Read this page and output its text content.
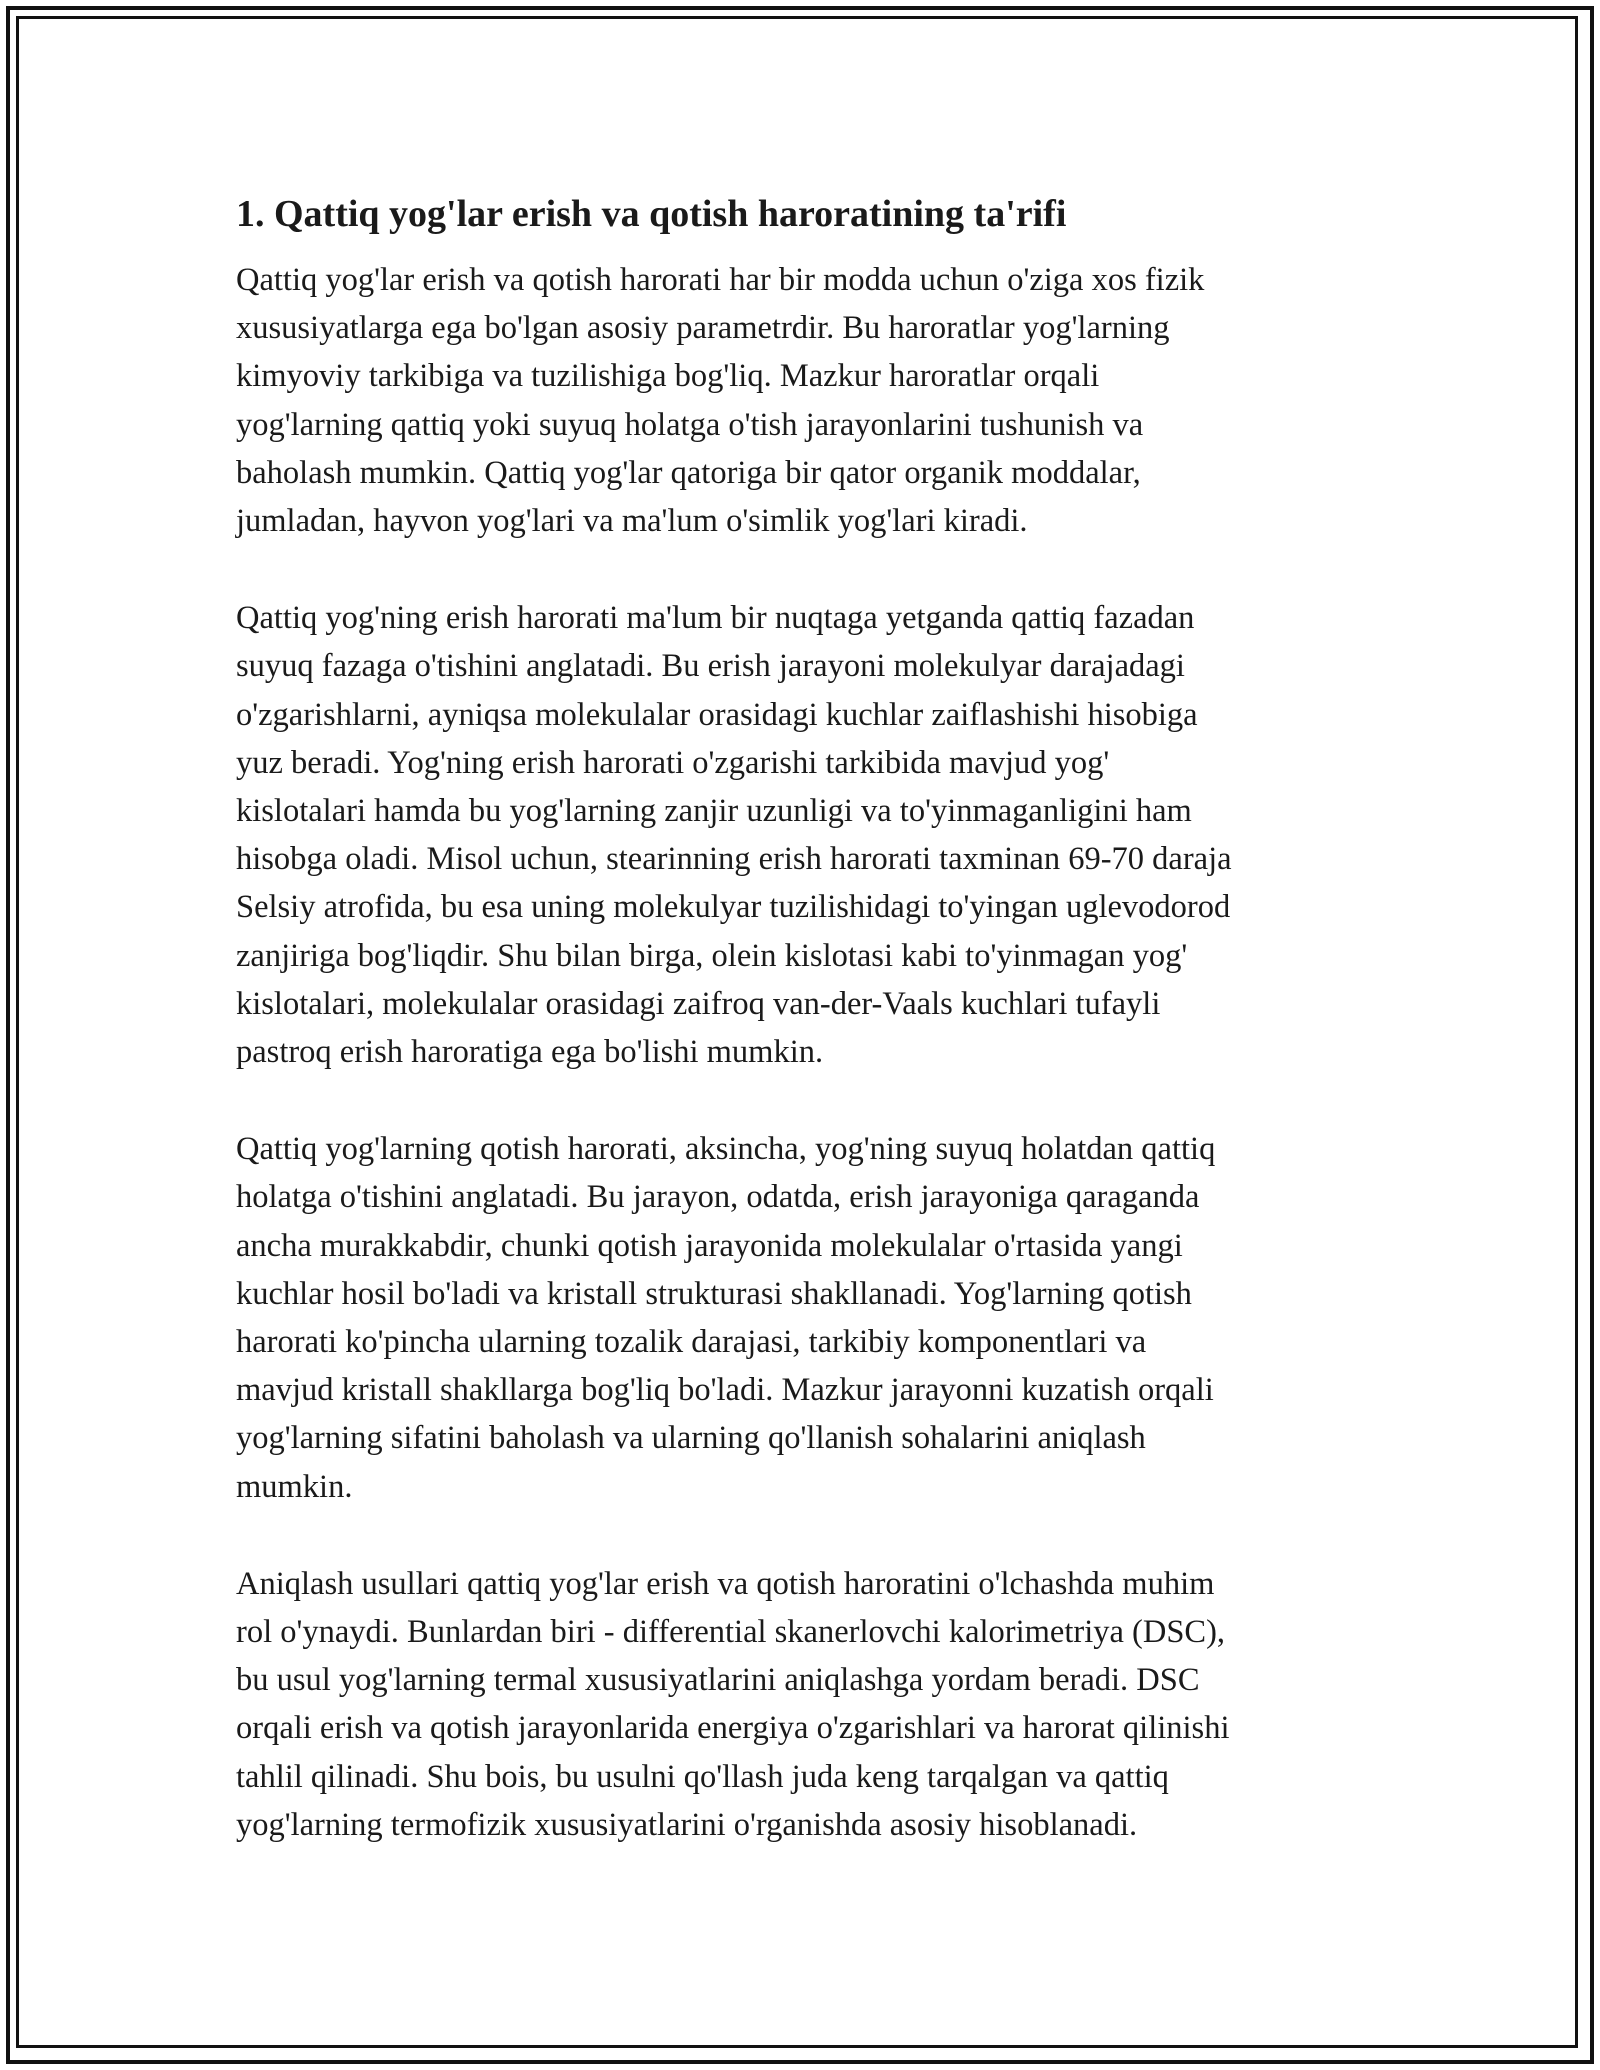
1. Qattiq yog'lar erish va qotish haroratining ta'rifi
Qattiq yog'lar erish va qotish harorati har bir modda uchun o'ziga xos fizik
xususiyatlarga ega bo'lgan asosiy parametrdir. Bu haroratlar yog'larning
kimyoviy tarkibiga va tuzilishiga bog'liq. Mazkur haroratlar orqali
yog'larning qattiq yoki suyuq holatga o'tish jarayonlarini tushunish va
baholash mumkin. Qattiq yog'lar qatoriga bir qator organik moddalar,
jumladan, hayvon yog'lari va ma'lum o'simlik yog'lari kiradi.
Qattiq yog'ning erish harorati ma'lum bir nuqtaga yetganda qattiq fazadan
suyuq fazaga o'tishini anglatadi. Bu erish jarayoni molekulyar darajadagi
o'zgarishlarni, ayniqsa molekulalar orasidagi kuchlar zaiflashishi hisobiga
yuz beradi. Yog'ning erish harorati o'zgarishi tarkibida mavjud yog'
kislotalari hamda bu yog'larning zanjir uzunligi va to'yinmaganligini ham
hisobga oladi. Misol uchun, stearinning erish harorati taxminan 69-70 daraja
Selsiy atrofida, bu esa uning molekulyar tuzilishidagi to'yingan uglevodorod
zanjiriga bog'liqdir. Shu bilan birga, olein kislotasi kabi to'yinmagan yog'
kislotalari, molekulalar orasidagi zaifroq van-der-Vaals kuchlari tufayli
pastroq erish haroratiga ega bo'lishi mumkin.
Qattiq yog'larning qotish harorati, aksincha, yog'ning suyuq holatdan qattiq
holatga o'tishini anglatadi. Bu jarayon, odatda, erish jarayoniga qaraganda
ancha murakkabdir, chunki qotish jarayonida molekulalar o'rtasida yangi
kuchlar hosil bo'ladi va kristall strukturasi shakllanadi. Yog'larning qotish
harorati ko'pincha ularning tozalik darajasi, tarkibiy komponentlari va
mavjud kristall shakllarga bog'liq bo'ladi. Mazkur jarayonni kuzatish orqali
yog'larning sifatini baholash va ularning qo'llanish sohalarini aniqlash
mumkin.
Aniqlash usullari qattiq yog'lar erish va qotish haroratini o'lchashda muhim
rol o'ynaydi. Bunlardan biri - differential skanerlovchi kalorimetriya (DSC),
bu usul yog'larning termal xususiyatlarini aniqlashga yordam beradi. DSC
orqali erish va qotish jarayonlarida energiya o'zgarishlari va harorat qilinishi
tahlil qilinadi. Shu bois, bu usulni qo'llash juda keng tarqalgan va qattiq
yog'larning termofizik xususiyatlarini o'rganishda asosiy hisoblanadi.
